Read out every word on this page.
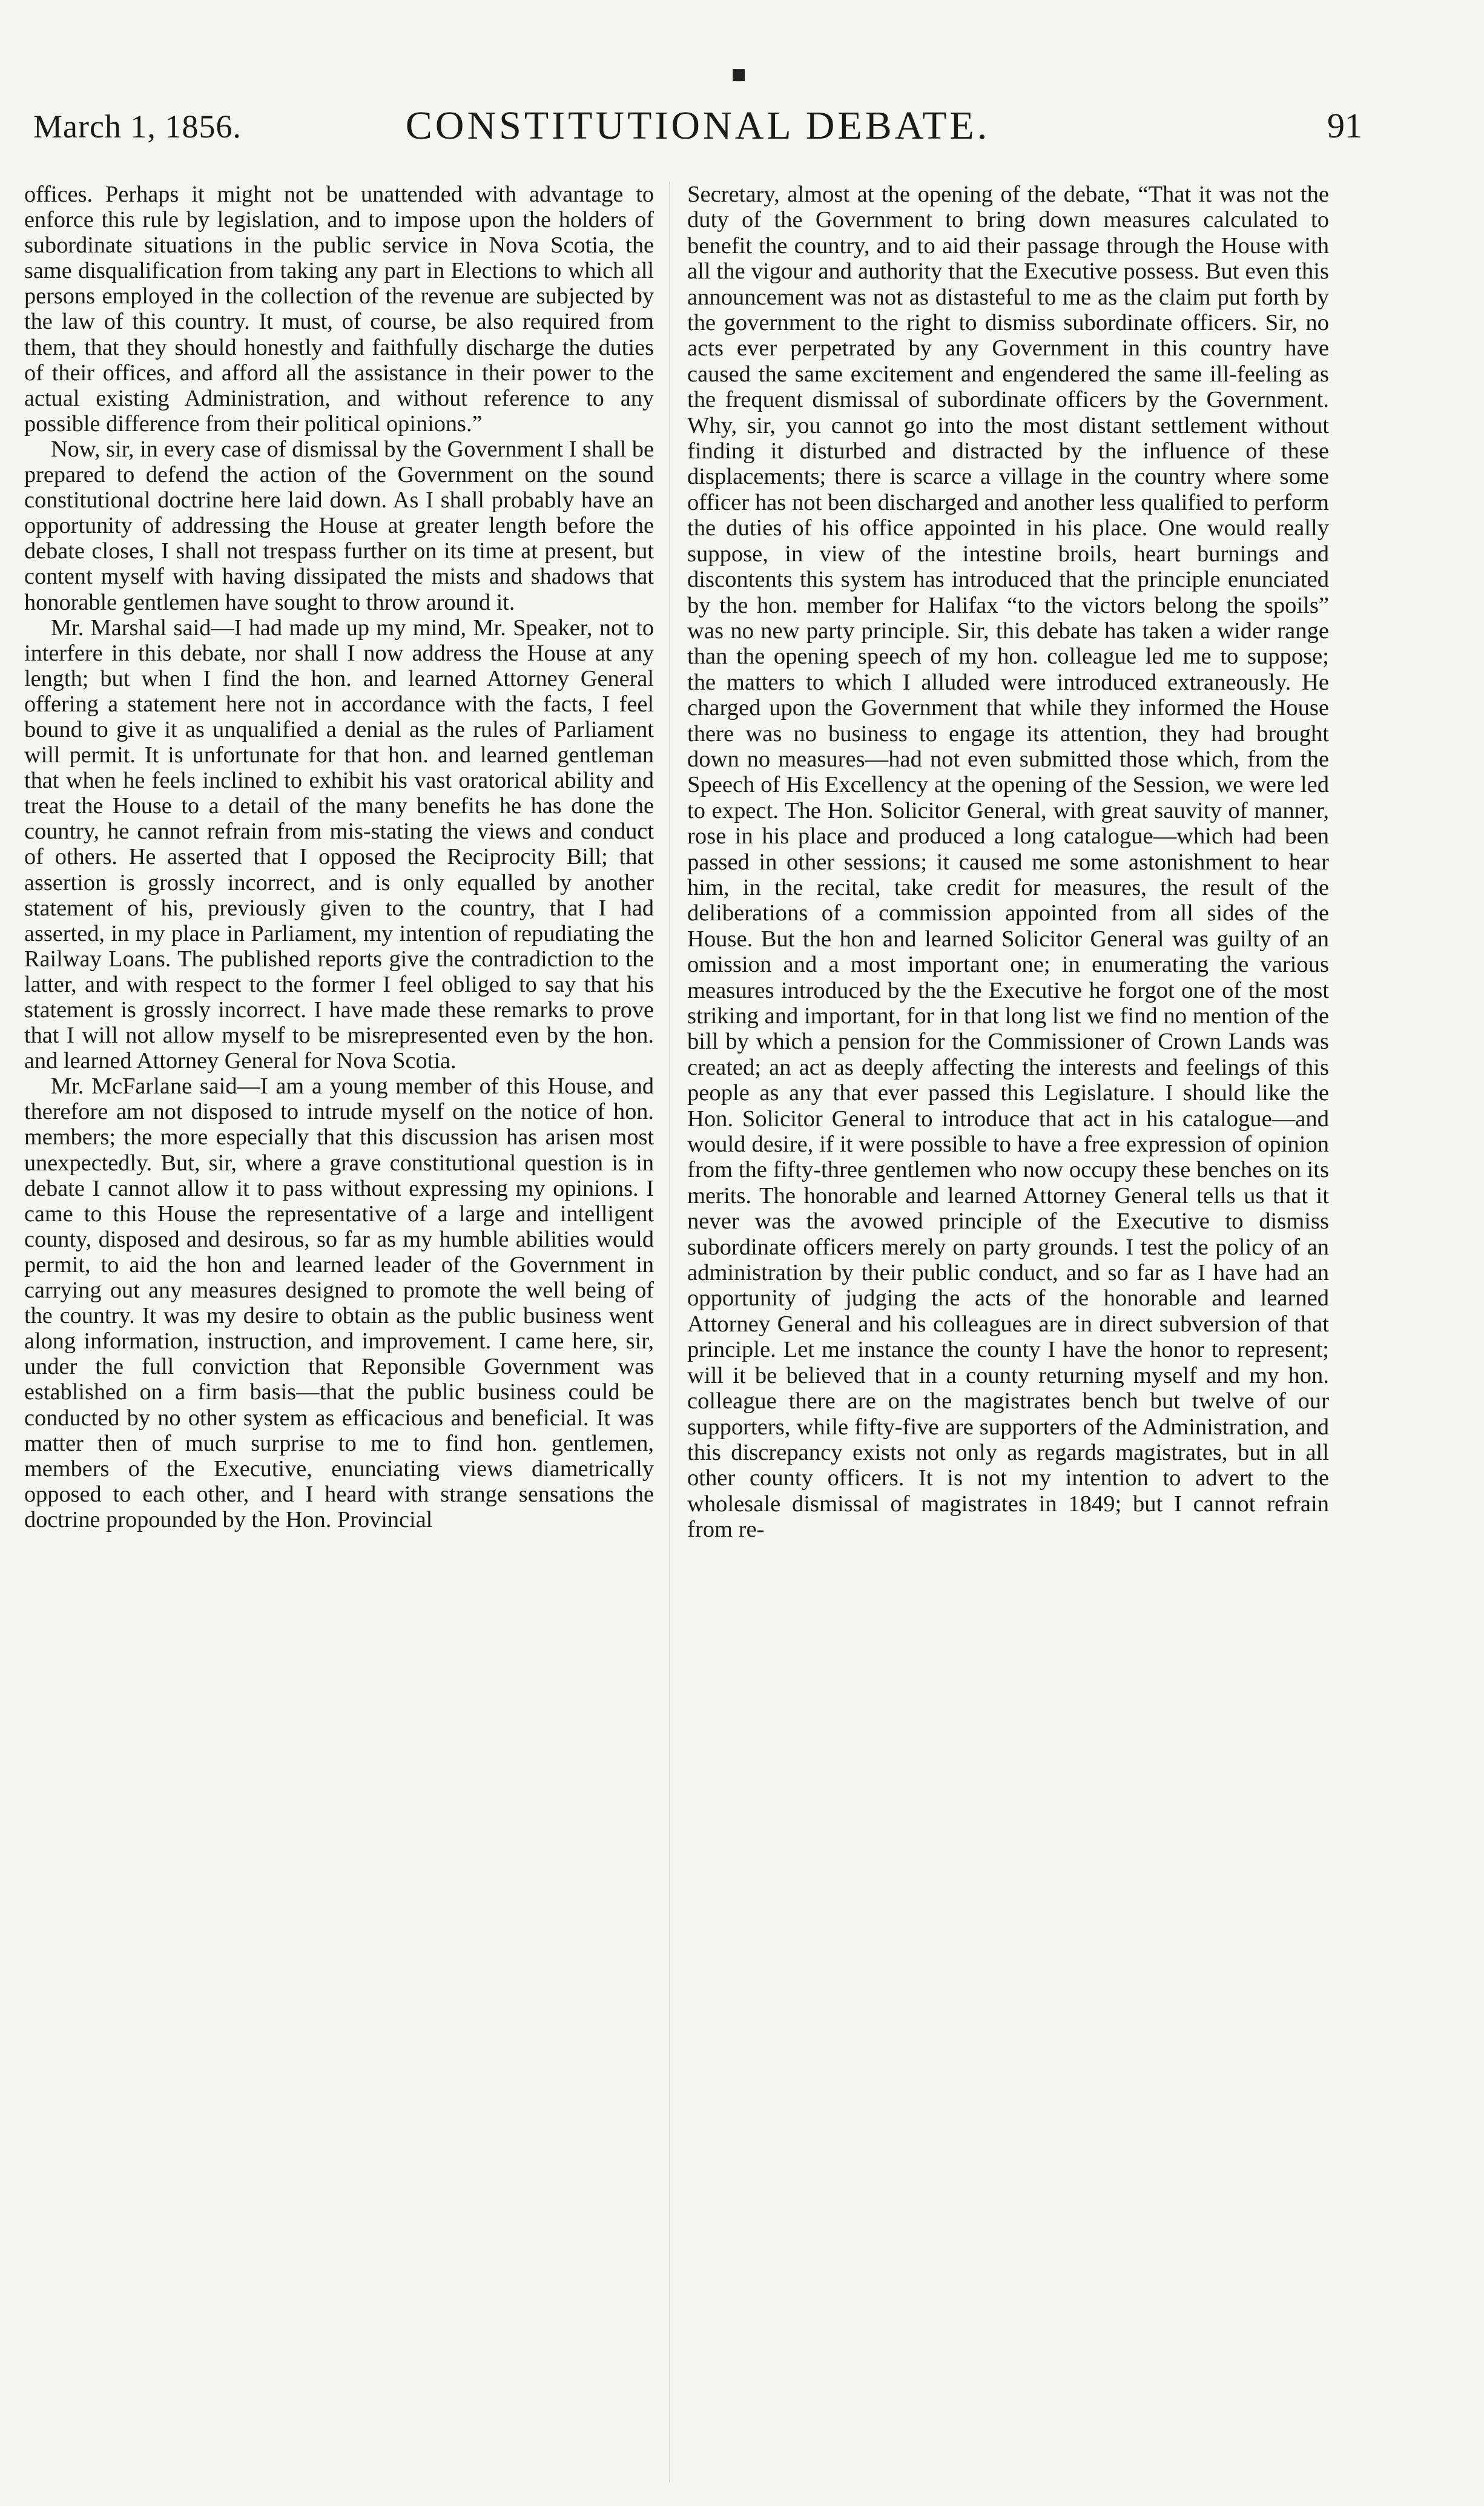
■
March 1, 1856.	CONSTITUTIONAL DEBATE.	91

offices. Perhaps it might not be unattended with advantage to enforce this rule by legislation, and to impose upon the holders of subordinate situations in the public service in Nova Scotia, the same disqualification from taking any part in Elections to which all persons employed in the collection of the revenue are subjected by the law of this country. It must, of course, be also required from them, that they should honestly and faithfully discharge the duties of their offices, and afford all the assistance in their power to the actual existing Administration, and without reference to any possible difference from their political opinions.”

Now, sir, in every case of dismissal by the Government I shall be prepared to defend the action of the Government on the sound constitutional doctrine here laid down. As I shall probably have an opportunity of addressing the House at greater length before the debate closes, I shall not trespass further on its time at present, but content myself with having dissipated the mists and shadows that honorable gentlemen have sought to throw around it.

Mr. Marshal said—I had made up my mind, Mr. Speaker, not to interfere in this debate, nor shall I now address the House at any length; but when I find the hon. and learned Attorney General offering a statement here not in accordance with the facts, I feel bound to give it as unqualified a denial as the rules of Parliament will permit. It is unfortunate for that hon. and learned gentleman that when he feels inclined to exhibit his vast oratorical ability and treat the House to a detail of the many benefits he has done the country, he cannot refrain from mis-stating the views and conduct of others. He asserted that I opposed the Reciprocity Bill; that assertion is grossly incorrect, and is only equalled by another statement of his, previously given to the country, that I had asserted, in my place in Parliament, my intention of repudiating the Railway Loans. The published reports give the contradiction to the latter, and with respect to the former I feel obliged to say that his statement is grossly incorrect. I have made these remarks to prove that I will not allow myself to be misrepresented even by the hon. and learned Attorney General for Nova Scotia.

Mr. McFarlane said—I am a young member of this House, and therefore am not disposed to intrude myself on the notice of hon. members; the more especially that this discussion has arisen most unexpectedly. But, sir, where a grave constitutional question is in debate I cannot allow it to pass without expressing my opinions. I came to this House the representative of a large and intelligent county, disposed and desirous, so far as my humble abilities would permit, to aid the hon and learned leader of the Government in carrying out any measures designed to promote the well being of the country. It was my desire to obtain as the public business went along information, instruction, and improvement. I came here, sir, under the full conviction that Reponsible Government was established on a firm basis—that the public business could be conducted by no other system as efficacious and beneficial. It was matter then of much surprise to me to find hon. gentlemen, members of the Executive, enunciating views diametrically opposed to each other, and I heard with strange sensations the doctrine propounded by the Hon. Provincial

Secretary, almost at the opening of the debate, “That it was not the duty of the Government to bring down measures calculated to benefit the country, and to aid their passage through the House with all the vigour and authority that the Executive possess. But even this announcement was not as distasteful to me as the claim put forth by the government to the right to dismiss subordinate officers. Sir, no acts ever perpetrated by any Government in this country have caused the same excitement and engendered the same ill-feeling as the frequent dismissal of subordinate officers by the Government. Why, sir, you cannot go into the most distant settlement without finding it disturbed and distracted by the influence of these displacements; there is scarce a village in the country where some officer has not been discharged and another less qualified to perform the duties of his office appointed in his place. One would really suppose, in view of the intestine broils, heart burnings and discontents this system has introduced that the principle enunciated by the hon. member for Halifax “to the victors belong the spoils” was no new party principle. Sir, this debate has taken a wider range than the opening speech of my hon. colleague led me to suppose; the matters to which I alluded were introduced extraneously. He charged upon the Government that while they informed the House there was no business to engage its attention, they had brought down no measures—had not even submitted those which, from the Speech of His Excellency at the opening of the Session, we were led to expect. The Hon. Solicitor General, with great sauvity of manner, rose in his place and produced a long catalogue—which had been passed in other sessions; it caused me some astonishment to hear him, in the recital, take credit for measures, the result of the deliberations of a commission appointed from all sides of the House. But the hon and learned Solicitor General was guilty of an omission and a most important one; in enumerating the various measures introduced by the the Executive he forgot one of the most striking and important, for in that long list we find no mention of the bill by which a pension for the Commissioner of Crown Lands was created; an act as deeply affecting the interests and feelings of this people as any that ever passed this Legislature. I should like the Hon. Solicitor General to introduce that act in his catalogue—and would desire, if it were possible to have a free expression of opinion from the fifty-three gentlemen who now occupy these benches on its merits. The honorable and learned Attorney General tells us that it never was the avowed principle of the Executive to dismiss subordinate officers merely on party grounds. I test the policy of an administration by their public conduct, and so far as I have had an opportunity of judging the acts of the honorable and learned Attorney General and his colleagues are in direct subversion of that principle. Let me instance the county I have the honor to represent; will it be believed that in a county returning myself and my hon. colleague there are on the magistrates bench but twelve of our supporters, while fifty-five are supporters of the Administration, and this discrepancy exists not only as regards magistrates, but in all other county officers. It is not my intention to advert to the wholesale dismissal of magistrates in 1849; but I cannot refrain from re-
